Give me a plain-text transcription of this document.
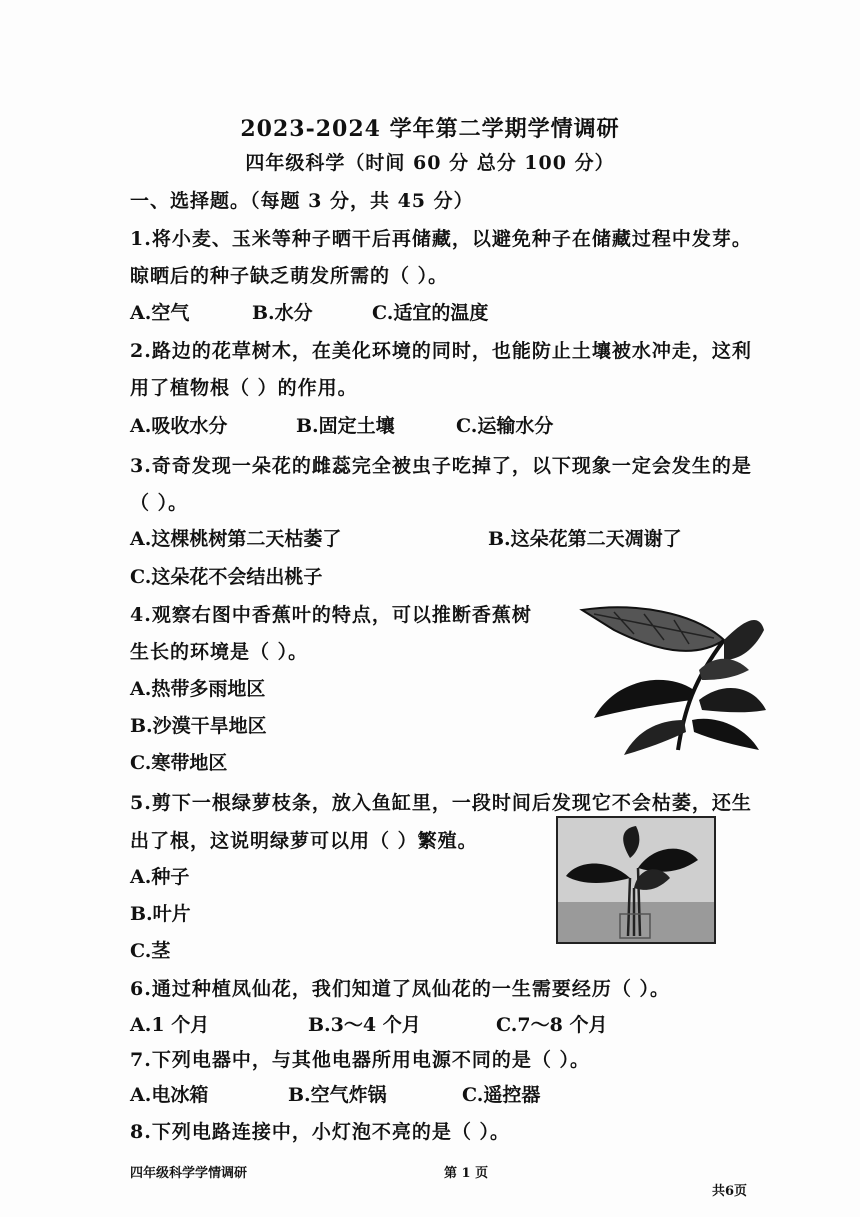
2023-2024 学年第二学期学情调研
四年级科学（时间 60 分 总分 100 分）
一、选择题。（每题 3 分，共 45 分）
1.将小麦、玉米等种子晒干后再储藏，以避免种子在储藏过程中发芽。
晾晒后的种子缺乏萌发所需的（ ）。
A.空气	B.水分	C.适宜的温度
2.路边的花草树木，在美化环境的同时，也能防止土壤被水冲走，这利
用了植物根（ ）的作用。
A.吸收水分	B.固定土壤	C.运输水分
3.奇奇发现一朵花的雌蕊完全被虫子吃掉了，以下现象一定会发生的是
（ ）。
A.这棵桃树第二天枯萎了	B.这朵花第二天凋谢了
C.这朵花不会结出桃子
4.观察右图中香蕉叶的特点，可以推断香蕉树
生长的环境是（ ）。
A.热带多雨地区
B.沙漠干旱地区
C.寒带地区
5.剪下一根绿萝枝条，放入鱼缸里，一段时间后发现它不会枯萎，还生
出了根，这说明绿萝可以用（ ）繁殖。
A.种子
B.叶片
C.茎
6.通过种植凤仙花，我们知道了凤仙花的一生需要经历（ ）。
A.1 个月	B.3～4 个月	C.7～8 个月
7.下列电器中，与其他电器所用电源不同的是（ ）。
A.电冰箱	B.空气炸锅	C.遥控器
8.下列电路连接中，小灯泡不亮的是（ ）。
四年级科学学情调研	第 1 页
共6页
